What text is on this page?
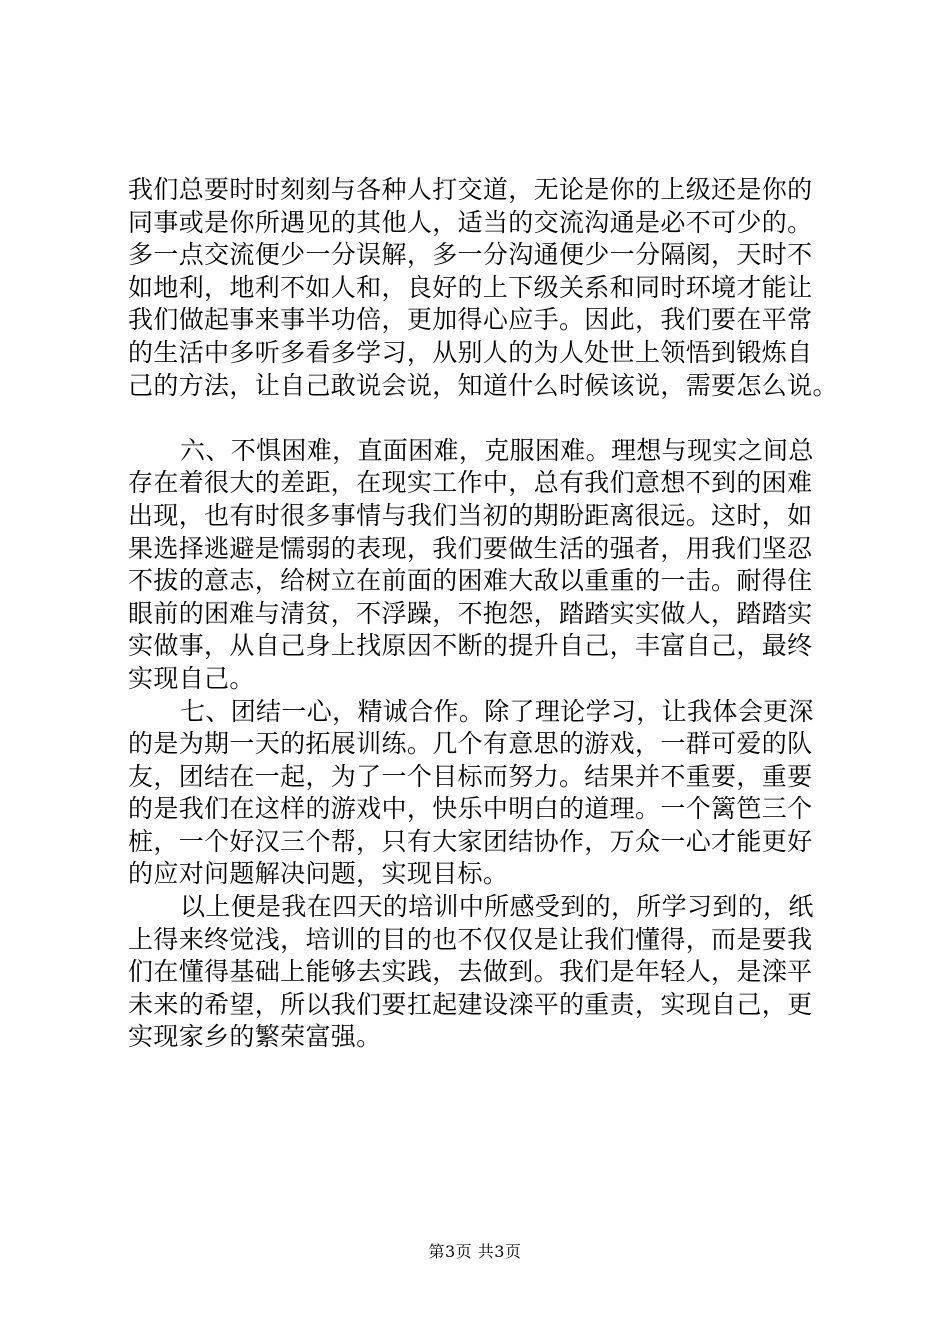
我们总要时时刻刻与各种人打交道，无论是你的上级还是你的
同事或是你所遇见的其他人，适当的交流沟通是必不可少的。
多一点交流便少一分误解，多一分沟通便少一分隔阂，天时不
如地利，地利不如人和，良好的上下级关系和同时环境才能让
我们做起事来事半功倍，更加得心应手。因此，我们要在平常
的生活中多听多看多学习，从别人的为人处世上领悟到锻炼自
己的方法，让自己敢说会说，知道什么时候该说，需要怎么说。
六、不惧困难，直面困难，克服困难。理想与现实之间总
存在着很大的差距，在现实工作中，总有我们意想不到的困难
出现，也有时很多事情与我们当初的期盼距离很远。这时，如
果选择逃避是懦弱的表现，我们要做生活的强者，用我们坚忍
不拔的意志，给树立在前面的困难大敌以重重的一击。耐得住
眼前的困难与清贫，不浮躁，不抱怨，踏踏实实做人，踏踏实
实做事，从自己身上找原因不断的提升自己，丰富自己，最终
实现自己。
七、团结一心，精诚合作。除了理论学习，让我体会更深
的是为期一天的拓展训练。几个有意思的游戏，一群可爱的队
友，团结在一起，为了一个目标而努力。结果并不重要，重要
的是我们在这样的游戏中，快乐中明白的道理。一个篱笆三个
桩，一个好汉三个帮，只有大家团结协作，万众一心才能更好
的应对问题解决问题，实现目标。
以上便是我在四天的培训中所感受到的，所学习到的，纸
上得来终觉浅，培训的目的也不仅仅是让我们懂得，而是要我
们在懂得基础上能够去实践，去做到。我们是年轻人，是滦平
未来的希望，所以我们要扛起建设滦平的重责，实现自己，更
实现家乡的繁荣富强。
第3页 共3页
